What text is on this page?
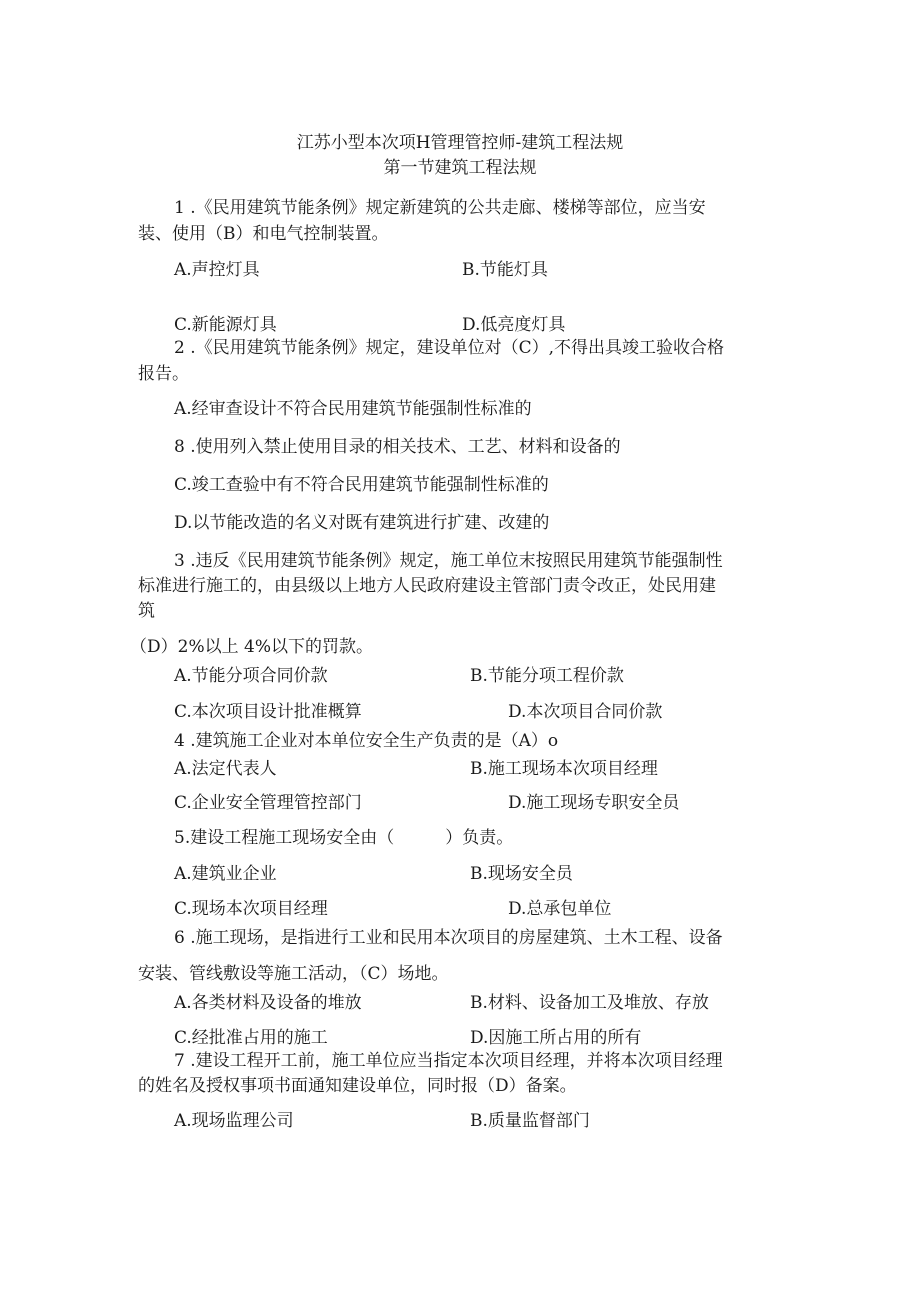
江苏小型本次项H管理管控师-建筑工程法规
第一节建筑工程法规
1 .《民用建筑节能条例》规定新建筑的公共走廊、楼梯等部位，应当安
装、使用（B）和电气控制装置。
A.声控灯具	B.节能灯具
C.新能源灯具	D.低亮度灯具
2 .《民用建筑节能条例》规定，建设单位对（C）,不得出具竣工验收合格
报告。
A.经审查设计不符合民用建筑节能强制性标准的
8 .使用列入禁止使用目录的相关技术、工艺、材料和设备的
C.竣工查验中有不符合民用建筑节能强制性标准的
D.以节能改造的名义对既有建筑进行扩建、改建的
3 .违反《民用建筑节能条例》规定，施工单位末按照民用建筑节能强制性
标准进行施工的，由县级以上地方人民政府建设主管部门责令改正，处民用建
筑
（D）2%以上 4%以下的罚款。
A.节能分项合同价款	B.节能分项工程价款
C.本次项目设计批准概算	D.本次项目合同价款
4 .建筑施工企业对本单位安全生产负责的是（A）o
A.法定代表人	B.施工现场本次项目经理
C.企业安全管理管控部门	D.施工现场专职安全员
5.建设工程施工现场安全由（　　　）负责。
A.建筑业企业	B.现场安全员
C.现场本次项目经理	D.总承包单位
6 .施工现场，是指进行工业和民用本次项目的房屋建筑、土木工程、设备
安装、管线敷设等施工活动，（C）场地。
A.各类材料及设备的堆放	B.材料、设备加工及堆放、存放
C.经批准占用的施工	D.因施工所占用的所有
7 .建设工程开工前，施工单位应当指定本次项目经理，并将本次项目经理
的姓名及授权事项书面通知建设单位，同时报（D）备案。
A.现场监理公司	B.质量监督部门
